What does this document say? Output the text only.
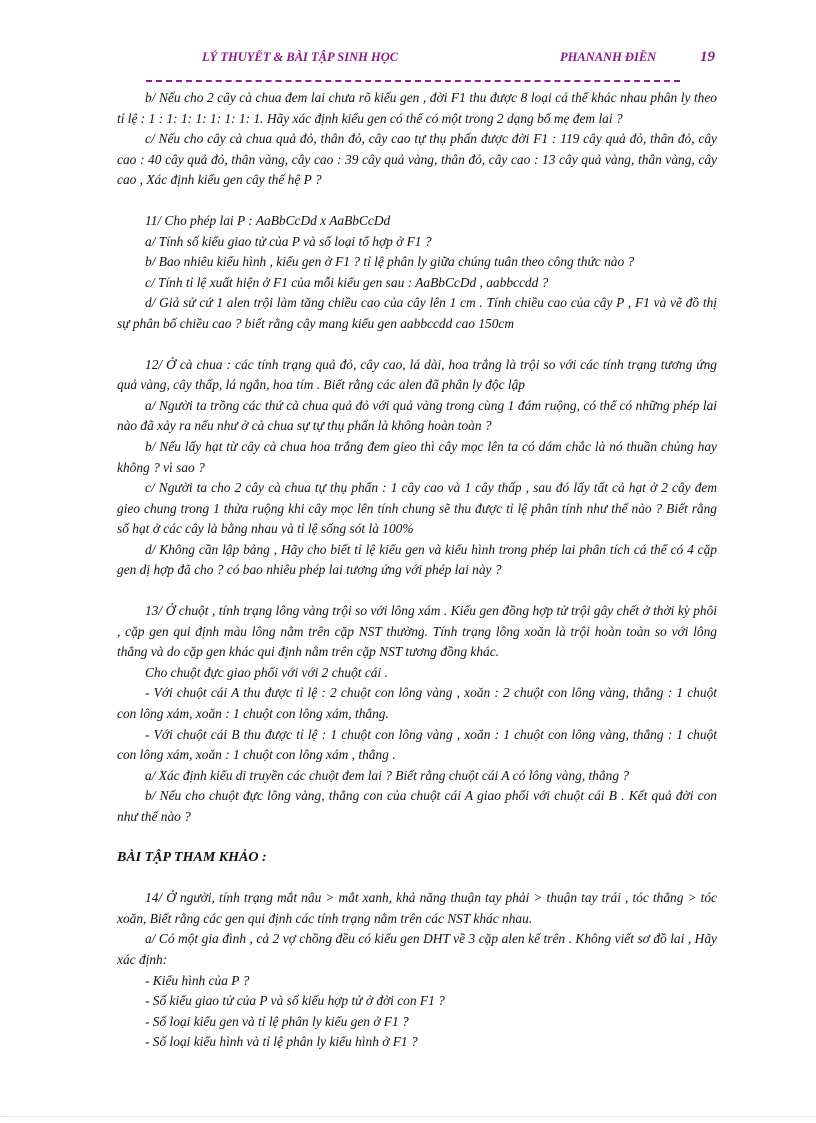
LÝ THUYẾT & BÀI TẬP SINH HỌC	PHANANH ĐIỀN	19

b/ Nếu cho 2 cây cà chua đem lai chưa rõ kiểu gen , đời F1 thu được 8 loại cá thể khác nhau phân ly theo tỉ lệ : 1 : 1: 1: 1: 1: 1: 1: 1. Hãy xác định kiểu gen có thể có một trong 2 dạng bố mẹ đem lai ?

c/ Nếu cho cây cà chua quả đỏ, thân đỏ, cây cao tự thụ phấn được đời F1 : 119 cây quả đỏ, thân đỏ, cây cao : 40 cây quả đỏ, thân vàng, cây cao : 39 cây quả vàng, thân đỏ, cây cao : 13 cây quả vàng, thân vàng, cây cao , Xác định kiểu gen cây thế hệ P ?

11/ Cho phép lai P : AaBbCcDd x AaBbCcDd

a/ Tính số kiểu giao tử của P và số loại tổ hợp ở F1 ?

b/ Bao nhiêu kiểu hình , kiểu gen ở F1 ? tỉ lệ phân ly giữa chúng tuân theo công thức nào ?

c/ Tính tỉ lệ xuất hiện ở F1 của mỗi kiểu gen sau : AaBbCcDd , aabbccdd ?

d/ Giả sử cứ 1 alen trội làm tăng chiều cao của cây lên 1 cm . Tính chiều cao của cây P , F1 và vẽ đồ thị sự phân bố chiều cao ? biết rằng cây mang kiểu gen aabbccdd cao 150cm

12/ Ở cà chua : các tính trạng quả đỏ, cây cao, lá dài, hoa trắng là trội so với các tính trạng tương ứng quả vàng, cây thấp, lá ngắn, hoa tím . Biết rằng các alen đã phân ly độc lập

a/ Người ta trồng các thứ cà chua quả đỏ với quả vàng trong cùng 1 đám ruộng, có thể có những phép lai nào đã xảy ra nếu như ở cà chua sự tự thụ phấn là không hoàn toàn ?

b/ Nếu lấy hạt từ cây cà chua hoa trắng đem gieo thì cây mọc lên ta có dám chắc là nó thuần chủng hay không ? vì sao ?

c/ Người ta cho 2 cây cà chua tự thụ phấn : 1 cây cao và 1 cây thấp , sau đó lấy tất cả hạt ở 2 cây đem gieo chung trong 1 thửa ruộng khi cây mọc lên tính chung sẽ thu được tỉ lệ phân tính như thế nào ? Biết rằng số hạt ở các cây là bằng nhau và tỉ lệ sống sót là 100%

d/ Không cần lập bảng , Hãy cho biết tỉ lệ kiểu gen và kiểu hình trong phép lai phân tích cá thể có 4 cặp gen dị hợp đã cho ? có bao nhiêu phép lai tương ứng với phép lai này ?

13/ Ở chuột , tính trạng lông vàng trội so với lông xám . Kiểu gen đồng hợp tử trội gây chết ở thời kỳ phôi , cặp gen qui định màu lông nằm trên cặp NST thường. Tính trạng lông xoăn là trội hoàn toàn so với lông thẳng và do cặp gen khác qui định nằm trên cặp NST tương đồng khác.

Cho chuột đực giao phối với với 2 chuột cái .

- Với chuột cái A thu được tỉ lệ : 2 chuột con lông vàng , xoăn : 2 chuột con lông vàng, thẳng : 1 chuột con lông xám, xoăn : 1 chuột con lông xám, thẳng.

- Với chuột cái B thu được tỉ lệ : 1 chuột con lông vàng , xoăn : 1 chuột con lông vàng, thẳng : 1 chuột con lông xám, xoăn : 1 chuột con lông xám , thẳng .

a/ Xác định kiểu di truyền các chuột đem lai ? Biết rằng chuột cái A có lông vàng, thẳng ?

b/ Nếu cho chuột đực lông vàng, thẳng con của chuột cái A giao phối với chuột cái B . Kết quả đời con như thế nào ?

BÀI TẬP THAM KHẢO :

14/ Ở người, tính trạng mắt nâu > mắt xanh, khả năng thuận tay phải > thuận tay trái , tóc thẳng > tóc xoăn, Biết rằng các gen qui định các tính trạng nằm trên các NST khác nhau.

a/ Có một gia đình , cả 2 vợ chồng đều có kiểu gen DHT về 3 cặp alen kể trên . Không viết sơ đồ lai , Hãy xác định:

- Kiểu hình của P ?

- Số kiểu giao tử của P và số kiểu hợp tử ở đời con F1 ?

- Số loại kiểu gen và tỉ lệ phân ly kiểu gen ở F1 ?

- Số loại kiểu hình và tỉ lệ phân ly kiểu hình ở F1 ?
